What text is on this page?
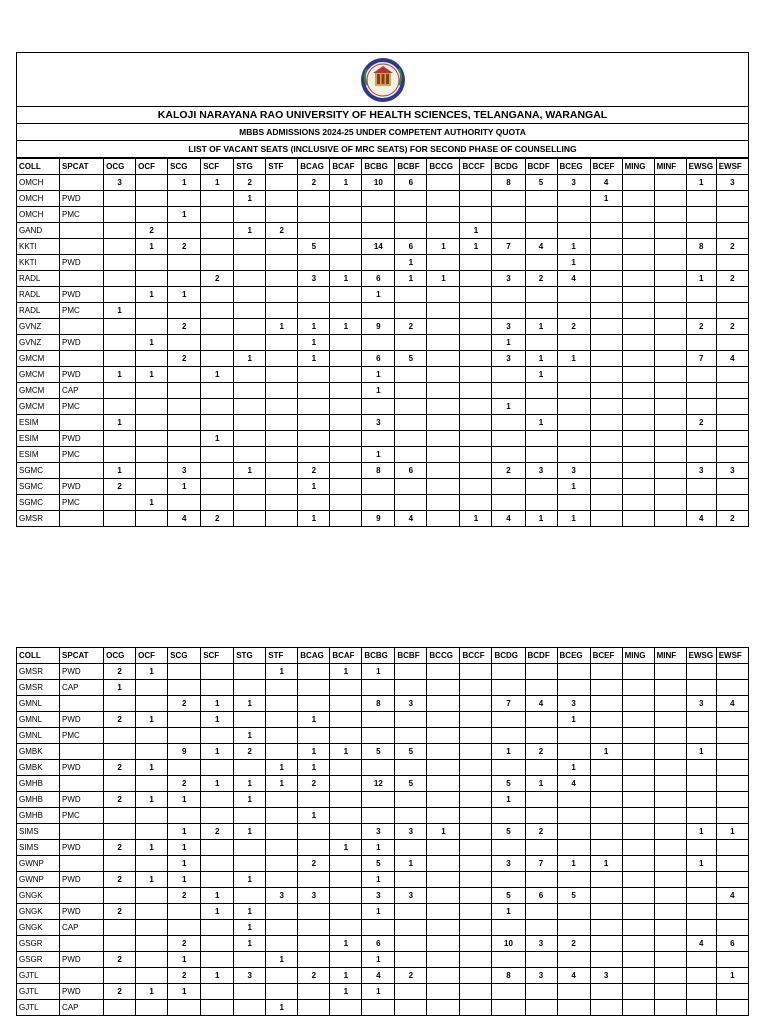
KALOJI NARAYANA RAO UNIVERSITY OF HEALTH SCIENCES, TELANGANA, WARANGAL
MBBS ADMISSIONS 2024-25 UNDER COMPETENT AUTHORITY QUOTA
LIST OF VACANT SEATS (INCLUSIVE OF MRC SEATS) FOR SECOND PHASE OF COUNSELLING
COLL	SPCAT	OCG	OCF	SCG	SCF	STG	STF	BCAG	BCAF	BCBG	BCBF	BCCG	BCCF	BCDG	BCDF	BCEG	BCEF	MING	MINF	EWSG	EWSF
OMCH		3		1	1	2		2	1	10	6			8	5	3	4			1	3
OMCH	PWD					1											1				
OMCH	PMC			1																	
GAND			2			1	2						1								
KKTI			1	2				5		14	6	1	1	7	4	1				8	2
KKTI	PWD										1					1					
RADL					2			3	1	6	1	1		3	2	4				1	2
RADL	PWD		1	1						1											
RADL	PMC	1																			
GVNZ				2			1	1	1	9	2			3	1	2				2	2
GVNZ	PWD		1					1						1							
GMCM				2		1		1		6	5			3	1	1				7	4
GMCM	PWD	1	1		1					1					1						
GMCM	CAP									1											
GMCM	PMC													1							
ESIM		1								3					1					2	
ESIM	PWD				1																
ESIM	PMC									1											
SGMC		1		3		1		2		8	6			2	3	3				3	3
SGMC	PWD	2		1				1								1					
SGMC	PMC		1																		
GMSR				4	2			1		9	4		1	4	1	1				4	2
COLL	SPCAT	OCG	OCF	SCG	SCF	STG	STF	BCAG	BCAF	BCBG	BCBF	BCCG	BCCF	BCDG	BCDF	BCEG	BCEF	MING	MINF	EWSG	EWSF
GMSR	PWD	2	1				1		1	1											
GMSR	CAP	1																			
GMNL				2	1	1				8	3			7	4	3				3	4
GMNL	PWD	2	1		1			1								1					
GMNL	PMC					1															
GMBK				9	1	2		1	1	5	5			1	2		1			1	
GMBK	PWD	2	1				1	1								1					
GMHB				2	1	1	1	2		12	5			5	1	4					
GMHB	PWD	2	1	1		1								1							
GMHB	PMC							1													
SIMS				1	2	1				3	3	1		5	2					1	1
SIMS	PWD	2	1	1					1	1											
GWNP				1				2		5	1			3	7	1	1			1	
GWNP	PWD	2	1	1		1				1											
GNGK				2	1		3	3		3	3			5	6	5					4
GNGK	PWD	2			1	1				1				1							
GNGK	CAP					1															
GSGR				2		1			1	6				10	3	2				4	6
GSGR	PWD	2		1			1			1											
GJTL				2	1	3		2	1	4	2			8	3	4	3				1
GJTL	PWD	2	1	1					1	1											
GJTL	CAP						1														
